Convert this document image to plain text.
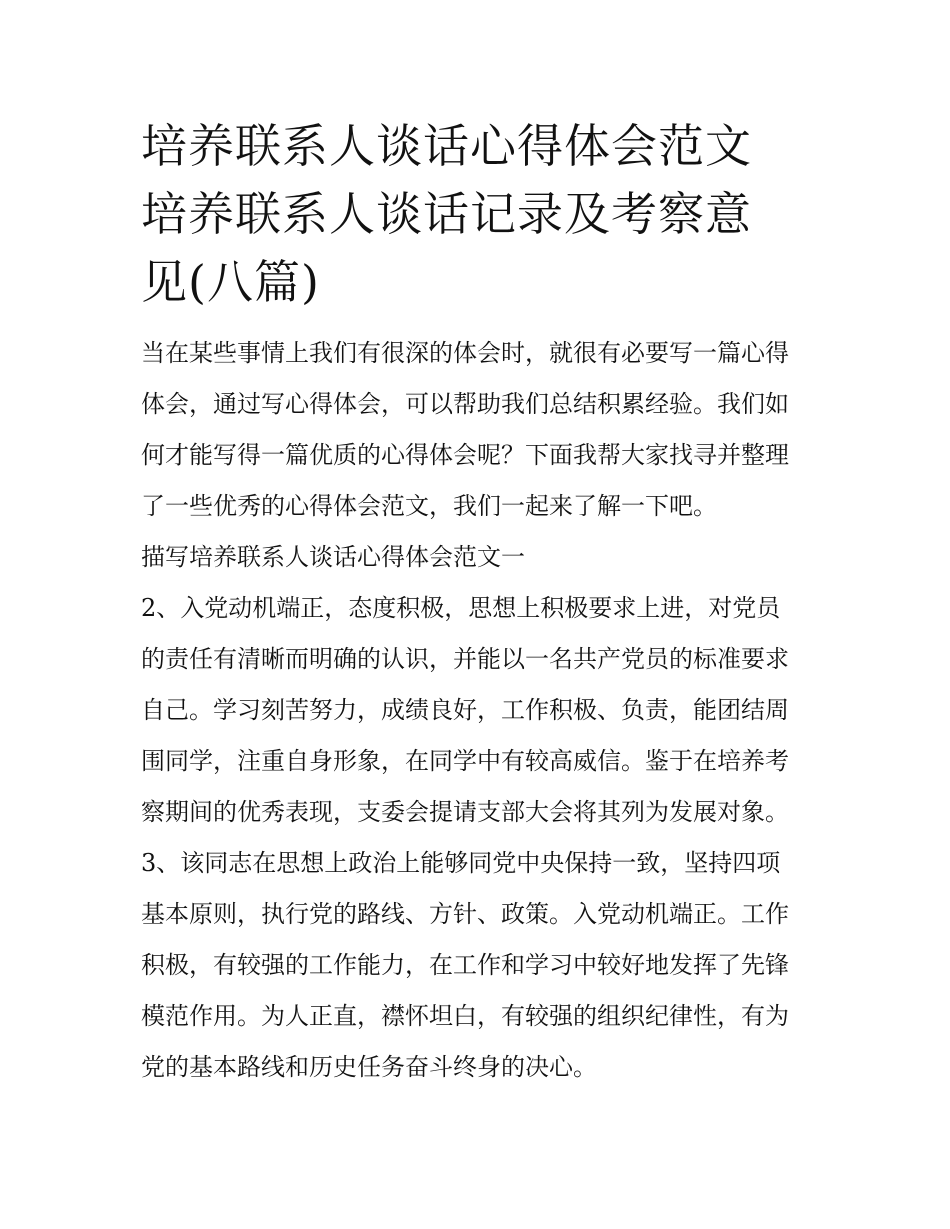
培养联系人谈话心得体会范文
培养联系人谈话记录及考察意
见(八篇)

当在某些事情上我们有很深的体会时，就很有必要写一篇心得
体会，通过写心得体会，可以帮助我们总结积累经验。我们如
何才能写得一篇优质的心得体会呢？下面我帮大家找寻并整理
了一些优秀的心得体会范文，我们一起来了解一下吧。

描写培养联系人谈话心得体会范文一

2、入党动机端正，态度积极，思想上积极要求上进，对党员
的责任有清晰而明确的认识，并能以一名共产党员的标准要求
自己。学习刻苦努力，成绩良好，工作积极、负责，能团结周
围同学，注重自身形象，在同学中有较高威信。鉴于在培养考
察期间的优秀表现，支委会提请支部大会将其列为发展对象。

3、该同志在思想上政治上能够同党中央保持一致，坚持四项
基本原则，执行党的路线、方针、政策。入党动机端正。工作
积极，有较强的工作能力，在工作和学习中较好地发挥了先锋
模范作用。为人正直，襟怀坦白，有较强的组织纪律性，有为
党的基本路线和历史任务奋斗终身的决心。
